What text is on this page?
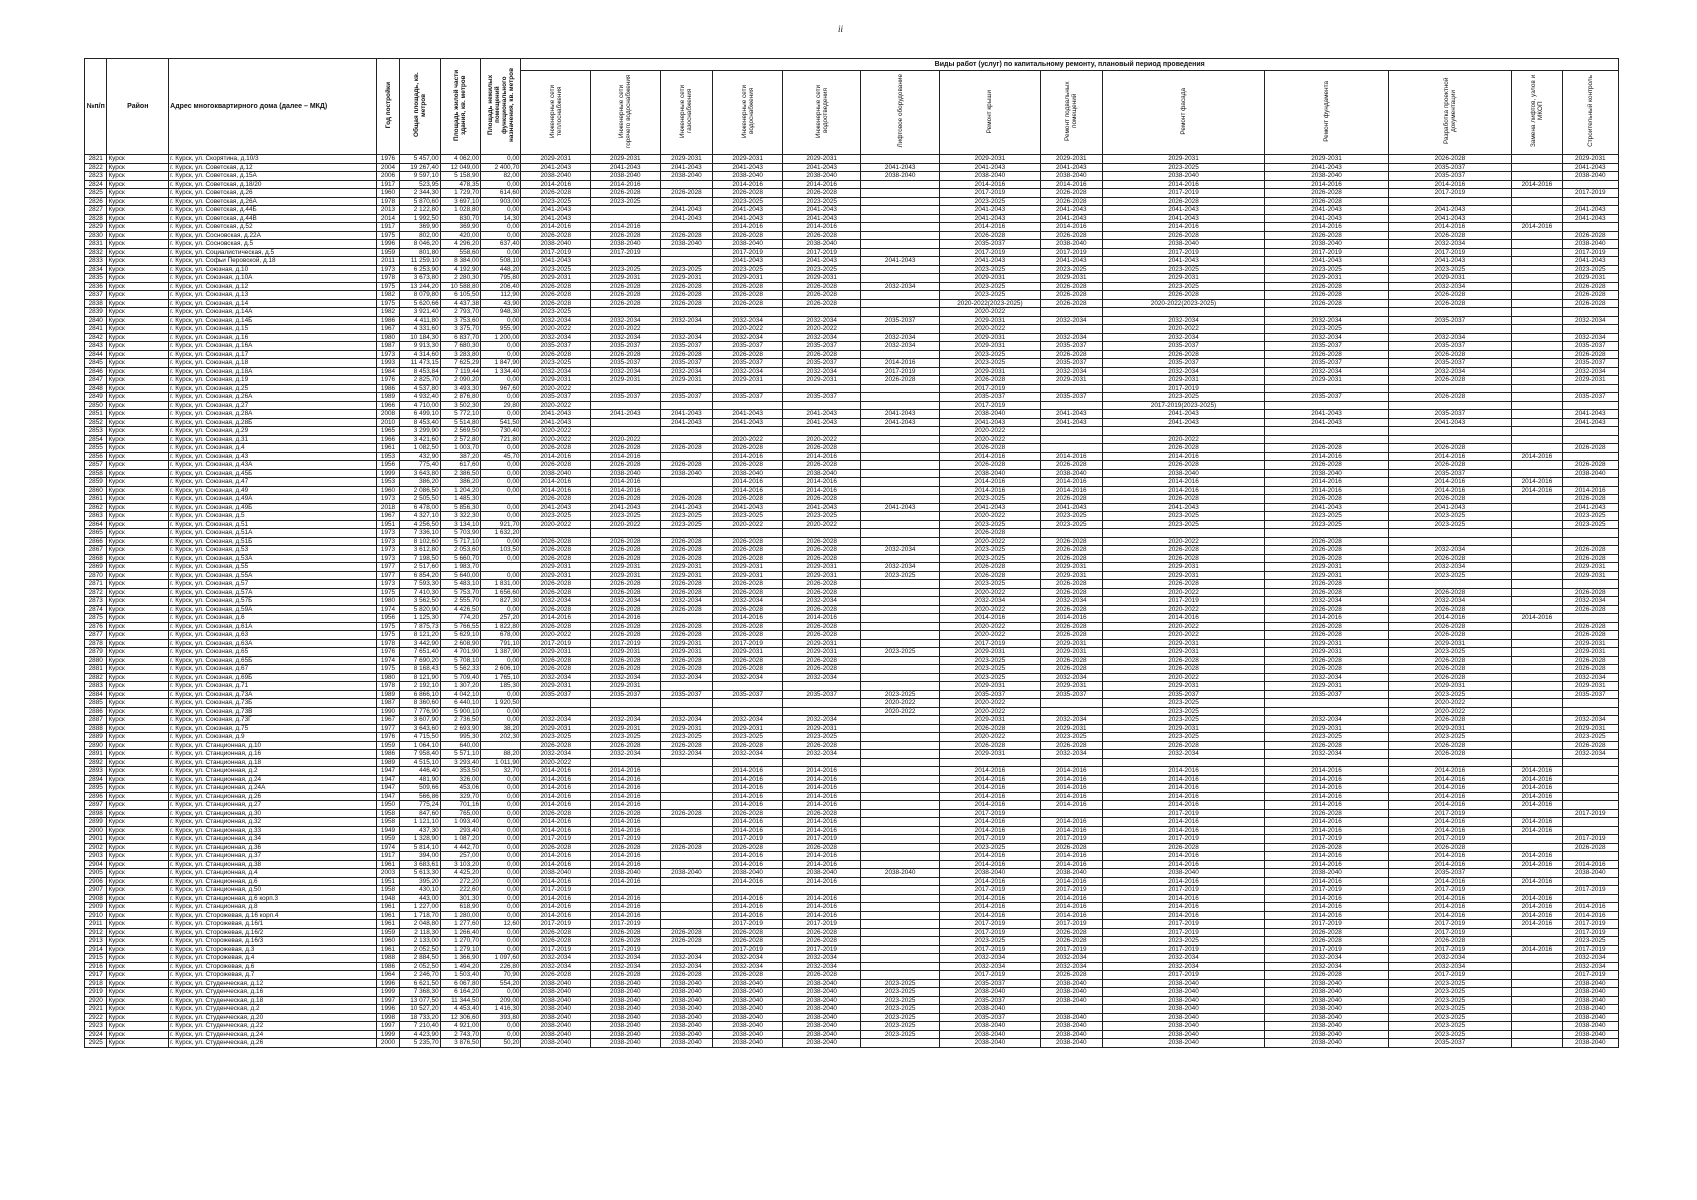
ii
№п/п	Район	Адрес многоквартирного дома (далее – МКД)	Год постройки	Общая площадь, кв. метров	Площадь жилой части здания, кв. метров	Площадь нежилых помещений функционального назначения, кв. метров	Виды работ (услуг) по капитальному ремонту, плановый период проведения												
							Инженерные сети теплоснабжения	Инженерные сети горячего водоснабжения	Инженерные сети газоснабжения	Инженерные сети водоснабжения	Инженерные сети водоотведения	Лифтовое оборудование	Ремонт крыши	Ремонт подвальных помещений	Ремонт фасада	Ремонт фундамента	Разработка проектной документации	Замена лифтов, узлов и МКОП	Строительный контроль
2821	Курск	г. Курск, ул. Скорятина, д.10/3	1976	5 457,00	4 062,00	0,00	2029-2031	2029-2031	2029-2031	2029-2031	2029-2031		2029-2031	2029-2031	2029-2031	2029-2031	2026-2028		2029-2031
2822	Курск	г. Курск, ул. Советская, д.12	2004	19 267,40	12 049,00	2 400,70	2041-2043	2041-2043	2041-2043	2041-2043	2041-2043	2041-2043	2041-2043	2041-2043	2023-2025	2041-2043	2035-2037		2041-2043
2823	Курск	г. Курск, ул. Советская, д.15А	2006	9 597,10	5 158,90	82,00	2038-2040	2038-2040	2038-2040	2038-2040	2038-2040	2038-2040	2038-2040	2038-2040	2038-2040	2038-2040	2035-2037		2038-2040
2824	Курск	г. Курск, ул. Советская, д.18/20	1917	523,95	478,35	0,00	2014-2016	2014-2016		2014-2016	2014-2016		2014-2016	2014-2016	2014-2016	2014-2016	2014-2016	2014-2016	
2825	Курск	г. Курск, ул. Советская, д.26	1960	2 344,30	1 729,70	614,60	2026-2028	2026-2028	2026-2028	2026-2028	2026-2028		2017-2019	2026-2028	2017-2019	2026-2028	2017-2019		2017-2019
2826	Курск	г. Курск, ул. Советская, д.26А	1978	5 870,60	3 697,10	903,00	2023-2025	2023-2025		2023-2025	2023-2025		2023-2025	2026-2028	2026-2028	2026-2028			
2827	Курск	г. Курск, ул. Советская, д.44Б	2013	2 122,80	1 028,80	0,00	2041-2043		2041-2043	2041-2043	2041-2043		2041-2043	2041-2043	2041-2043	2041-2043	2041-2043		2041-2043
2828	Курск	г. Курск, ул. Советская, д.44В	2014	1 992,50	830,70	14,30	2041-2043		2041-2043	2041-2043	2041-2043		2041-2043	2041-2043	2041-2043	2041-2043	2041-2043		2041-2043
2829	Курск	г. Курск, ул. Советская, д.52	1917	369,90	369,90	0,00	2014-2016	2014-2016		2014-2016	2014-2016		2014-2016	2014-2016	2014-2016	2014-2016	2014-2016	2014-2016	
2830	Курск	г. Курск, ул. Сосновская, д.22А	1975	802,00	420,00	0,00	2026-2028	2026-2028	2026-2028	2026-2028	2026-2028		2026-2028	2026-2028	2026-2028	2026-2028	2026-2028		2026-2028
2831	Курск	г. Курск, ул. Сосновская, д.5	1996	8 046,20	4 296,20	637,40	2038-2040	2038-2040	2038-2040	2038-2040	2038-2040		2035-2037	2038-2040	2038-2040	2038-2040	2032-2034		2038-2040
2832	Курск	г. Курск, ул. Социалистическая, д.5	1959	801,80	558,60	0,00	2017-2019	2017-2019		2017-2019	2017-2019		2017-2019	2017-2019	2017-2019	2017-2019	2017-2019		2017-2019
2833	Курск	г. Курск, ул. Софьи Перовской, д.18	2011	11 259,10	8 384,00	508,10	2041-2043			2041-2043	2041-2043	2041-2043	2041-2043	2041-2043	2041-2043	2041-2043	2041-2043		2041-2043
2834	Курск	г. Курск, ул. Союзная, д.10	1973	6 253,90	4 192,90	448,20	2023-2025	2023-2025	2023-2025	2023-2025	2023-2025		2023-2025	2023-2025	2023-2025	2023-2025	2023-2025		2023-2025
2835	Курск	г. Курск, ул. Союзная, д.10А	1978	3 673,80	2 280,30	795,80	2029-2031	2029-2031	2029-2031	2029-2031	2029-2031		2029-2031	2029-2031	2029-2031	2029-2031	2029-2031		2029-2031
2836	Курск	г. Курск, ул. Союзная, д.12	1975	13 244,20	10 588,80	206,40	2026-2028	2026-2028	2026-2028	2026-2028	2026-2028	2032-2034	2023-2025	2026-2028	2023-2025	2026-2028	2032-2034		2026-2028
2837	Курск	г. Курск, ул. Союзная, д.13	1982	8 079,80	6 105,50	112,90	2026-2028	2026-2028	2026-2028	2026-2028	2026-2028		2023-2025	2026-2028	2026-2028	2026-2028	2026-2028		2026-2028
2838	Курск	г. Курск, ул. Союзная, д.14	1975	5 620,66	4 437,38	43,90	2026-2028	2026-2028	2026-2028	2026-2028	2026-2028		2020-2022(2023-2025)	2026-2028	2020-2022(2023-2025)	2026-2028	2026-2028		2026-2028
2839	Курск	г. Курск, ул. Союзная, д.14А	1982	3 921,40	2 793,70	948,30	2023-2025						2020-2022						
2840	Курск	г. Курск, ул. Союзная, д.14Б	1986	4 411,80	3 753,60	0,00	2032-2034	2032-2034	2032-2034	2032-2034	2032-2034	2035-2037	2029-2031	2032-2034	2032-2034	2032-2034	2035-2037		2032-2034
2841	Курск	г. Курск, ул. Союзная, д.15	1967	4 331,60	3 375,70	955,90	2020-2022	2020-2022		2020-2022	2020-2022		2020-2022		2020-2022	2023-2025			
2842	Курск	г. Курск, ул. Союзная, д.16	1980	10 184,30	6 837,70	1 200,00	2032-2034	2032-2034	2032-2034	2032-2034	2032-2034	2032-2034	2029-2031	2032-2034	2032-2034	2032-2034	2032-2034		2032-2034
2843	Курск	г. Курск, ул. Союзная, д.16А	1987	9 913,30	7 680,30	0,00	2035-2037	2035-2037	2035-2037	2035-2037	2035-2037	2032-2034	2029-2031	2035-2037	2035-2037	2035-2037	2035-2037		2035-2037
2844	Курск	г. Курск, ул. Союзная, д.17	1973	4 314,60	3 283,80	0,00	2026-2028	2026-2028	2026-2028	2026-2028	2026-2028		2023-2025	2026-2028	2026-2028	2026-2028	2026-2028		2026-2028
2845	Курск	г. Курск, ул. Союзная, д.18	1993	11 473,15	7 625,29	1 847,90	2023-2025	2035-2037	2035-2037	2035-2037	2035-2037	2014-2016	2023-2025	2035-2037	2035-2037	2035-2037	2035-2037		2035-2037
2846	Курск	г. Курск, ул. Союзная, д.18А	1984	8 453,84	7 119,44	1 334,40	2032-2034	2032-2034	2032-2034	2032-2034	2032-2034	2017-2019	2029-2031	2032-2034	2032-2034	2032-2034	2032-2034		2032-2034
2847	Курск	г. Курск, ул. Союзная, д.19	1976	2 825,70	2 090,20	0,00	2029-2031	2029-2031	2029-2031	2029-2031	2029-2031	2026-2028	2026-2028	2029-2031	2029-2031	2029-2031	2026-2028		2029-2031
2848	Курск	г. Курск, ул. Союзная, д.25	1986	4 537,80	3 493,30	967,60	2020-2022						2017-2019		2017-2019				
2849	Курск	г. Курск, ул. Союзная, д.26А	1989	4 932,40	2 876,80	0,00	2035-2037	2035-2037	2035-2037	2035-2037	2035-2037		2035-2037	2035-2037	2023-2025	2035-2037	2026-2028		2035-2037
2850	Курск	г. Курск, ул. Союзная, д.27	1966	4 710,00	3 502,30	29,80	2020-2022						2017-2019		2017-2019(2023-2025)				
2851	Курск	г. Курск, ул. Союзная, д.28А	2008	6 499,10	5 772,10	0,00	2041-2043	2041-2043	2041-2043	2041-2043	2041-2043	2041-2043	2038-2040	2041-2043	2041-2043	2041-2043	2035-2037		2041-2043
2852	Курск	г. Курск, ул. Союзная, д.28Б	2010	8 453,40	5 514,80	541,50	2041-2043		2041-2043	2041-2043	2041-2043	2041-2043	2041-2043	2041-2043	2041-2043	2041-2043	2041-2043		2041-2043
2853	Курск	г. Курск, ул. Союзная, д.29	1965	3 299,90	2 569,50	730,40	2020-2022						2020-2022						
2854	Курск	г. Курск, ул. Союзная, д.31	1966	3 421,60	2 572,80	721,80	2020-2022	2020-2022		2020-2022	2020-2022		2020-2022		2020-2022				
2855	Курск	г. Курск, ул. Союзная, д.4	1961	1 082,50	1 003,70	0,00	2026-2028	2026-2028	2026-2028	2026-2028	2026-2028		2026-2028		2026-2028	2026-2028	2026-2028		2026-2028
2856	Курск	г. Курск, ул. Союзная, д.43	1953	432,90	387,20	45,70	2014-2016	2014-2016		2014-2016	2014-2016		2014-2016	2014-2016	2014-2016	2014-2016	2014-2016	2014-2016	
2857	Курск	г. Курск, ул. Союзная, д.43А	1956	775,40	617,60	0,00	2026-2028	2026-2028	2026-2028	2026-2028	2026-2028		2026-2028	2026-2028	2026-2028	2026-2028	2026-2028		2026-2028
2858	Курск	г. Курск, ул. Союзная, д.45Б	1999	3 643,80	2 386,50	0,00	2038-2040	2038-2040	2038-2040	2038-2040	2038-2040		2038-2040	2038-2040	2038-2040	2038-2040	2035-2037		2038-2040
2859	Курск	г. Курск, ул. Союзная, д.47	1953	386,20	386,20	0,00	2014-2016	2014-2016		2014-2016	2014-2016		2014-2016	2014-2016	2014-2016	2014-2016	2014-2016	2014-2016	
2860	Курск	г. Курск, ул. Союзная, д.49	1960	2 086,50	1 204,20	0,00	2014-2016	2014-2016		2014-2016	2014-2016		2014-2016	2014-2016	2014-2016	2014-2016	2014-2016	2014-2016	2014-2016
2861	Курск	г. Курск, ул. Союзная, д.49А	1973	2 505,50	1 485,30		2026-2028	2026-2028	2026-2028	2026-2028	2026-2028		2023-2025	2026-2028	2026-2028	2026-2028	2026-2028		2026-2028
2862	Курск	г. Курск, ул. Союзная, д.49Б	2018	6 478,00	5 856,30	0,00	2041-2043	2041-2043	2041-2043	2041-2043	2041-2043	2041-2043	2041-2043	2041-2043	2041-2043	2041-2043	2041-2043		2041-2043
2863	Курск	г. Курск, ул. Союзная, д.5	1967	4 327,10	3 322,30	0,00	2023-2025	2023-2025	2023-2025	2023-2025	2023-2025		2020-2022	2023-2025	2023-2025	2023-2025	2023-2025		2023-2025
2864	Курск	г. Курск, ул. Союзная, д.51	1951	4 256,50	3 134,10	921,70	2020-2022	2020-2022	2023-2025	2020-2022	2020-2022		2023-2025	2023-2025	2023-2025	2023-2025	2023-2025		2023-2025
2865	Курск	г. Курск, ул. Союзная, д.51А	1973	7 336,10	5 703,90	1 632,20							2026-2028						
2866	Курск	г. Курск, ул. Союзная, д.51Б	1973	8 102,60	5 717,10	0,00	2026-2028	2026-2028	2026-2028	2026-2028	2026-2028		2020-2022	2026-2028	2020-2022	2026-2028			
2867	Курск	г. Курск, ул. Союзная, д.53	1973	3 612,80	2 053,60	103,50	2026-2028	2026-2028	2026-2028	2026-2028	2026-2028	2032-2034	2023-2025	2026-2028	2026-2028	2026-2028	2032-2034		2026-2028
2868	Курск	г. Курск, ул. Союзная, д.53А	1973	7 198,50	5 660,70	0,00	2026-2028	2026-2028	2026-2028	2026-2028	2026-2028		2023-2025	2026-2028	2026-2028	2026-2028	2026-2028		2026-2028
2869	Курск	г. Курск, ул. Союзная, д.55	1977	2 517,60	1 983,70		2029-2031	2029-2031	2029-2031	2029-2031	2029-2031	2032-2034	2026-2028	2029-2031	2029-2031	2029-2031	2032-2034		2029-2031
2870	Курск	г. Курск, ул. Союзная, д.55А	1977	6 854,20	5 640,00	0,00	2029-2031	2029-2031	2029-2031	2029-2031	2029-2031	2023-2025	2026-2028	2029-2031	2029-2031	2029-2031	2023-2025		2029-2031
2871	Курск	г. Курск, ул. Союзная, д.57	1973	7 593,30	5 483,10	1 831,00	2026-2028	2026-2028	2026-2028	2026-2028	2026-2028		2023-2025	2026-2028	2026-2028	2026-2028			
2872	Курск	г. Курск, ул. Союзная, д.57А	1975	7 410,30	5 753,70	1 656,60	2026-2028	2026-2028	2026-2028	2026-2028	2026-2028		2020-2022	2026-2028	2020-2022	2026-2028	2026-2028		2026-2028
2873	Курск	г. Курск, ул. Союзная, д.57Б	1980	3 562,50	2 555,70	827,30	2032-2034	2032-2034	2032-2034	2032-2034	2032-2034		2032-2034	2032-2034	2017-2019	2032-2034	2032-2034		2032-2034
2874	Курск	г. Курск, ул. Союзная, д.59А	1974	5 820,90	4 426,50	0,00	2026-2028	2026-2028	2026-2028	2026-2028	2026-2028		2020-2022	2026-2028	2020-2022	2026-2028	2026-2028		2026-2028
2875	Курск	г. Курск, ул. Союзная, д.6	1956	1 125,30	774,20	257,20	2014-2016	2014-2016		2014-2016	2014-2016		2014-2016	2014-2016	2014-2016	2014-2016	2014-2016	2014-2016	
2876	Курск	г. Курск, ул. Союзная, д.61А	1975	7 875,73	5 766,55	1 822,80	2026-2028	2026-2028	2026-2028	2026-2028	2026-2028		2020-2022	2026-2028	2020-2022	2026-2028	2026-2028		2026-2028
2877	Курск	г. Курск, ул. Союзная, д.63	1975	8 121,20	5 629,10	678,00	2020-2022	2026-2028	2026-2028	2026-2028	2026-2028		2020-2022	2026-2028	2020-2022	2026-2028	2026-2028		2026-2028
2878	Курск	г. Курск, ул. Союзная, д.63А	1978	3 442,90	2 608,90	791,10	2017-2019	2017-2019	2029-2031	2017-2019	2029-2031		2017-2019	2029-2031	2029-2031	2029-2031	2029-2031		2029-2031
2879	Курск	г. Курск, ул. Союзная, д.65	1976	7 651,40	4 701,90	1 387,90	2029-2031	2029-2031	2029-2031	2029-2031	2029-2031	2023-2025	2029-2031	2029-2031	2029-2031	2029-2031	2023-2025		2029-2031
2880	Курск	г. Курск, ул. Союзная, д.65Б	1974	7 690,20	5 708,10	0,00	2026-2028	2026-2028	2026-2028	2026-2028	2026-2028		2023-2025	2026-2028	2026-2028	2026-2028	2026-2028		2026-2028
2881	Курск	г. Курск, ул. Союзная, д.67	1975	8 168,43	5 562,33	2 606,10	2026-2028	2026-2028	2026-2028	2026-2028	2026-2028		2023-2025	2026-2028	2026-2028	2026-2028	2026-2028		2026-2028
2882	Курск	г. Курск, ул. Союзная, д.69Б	1980	8 121,90	5 709,40	1 765,10	2032-2034	2032-2034	2032-2034	2032-2034	2032-2034		2023-2025	2032-2034	2020-2022	2032-2034	2026-2028		2032-2034
2883	Курск	г. Курск, ул. Союзная, д.71	1978	2 192,10	1 307,20	185,30	2029-2031	2029-2031					2029-2031	2029-2031	2029-2031	2029-2031	2029-2031		2029-2031
2884	Курск	г. Курск, ул. Союзная, д.73А	1989	6 866,10	4 042,10	0,00	2035-2037	2035-2037	2035-2037	2035-2037	2035-2037	2023-2025	2035-2037	2035-2037	2035-2037	2035-2037	2023-2025		2035-2037
2885	Курск	г. Курск, ул. Союзная, д.73Б	1987	8 360,60	6 440,10	1 920,50						2020-2022	2020-2022		2023-2025		2020-2022		
2886	Курск	г. Курск, ул. Союзная, д.73В	1990	7 776,90	5 900,10	0,00						2020-2022	2020-2022		2023-2025		2020-2022		
2887	Курск	г. Курск, ул. Союзная, д.73Г	1967	3 607,90	2 736,50	0,00	2032-2034	2032-2034	2032-2034	2032-2034	2032-2034		2029-2031	2032-2034	2023-2025	2032-2034	2026-2028		2032-2034
2888	Курск	г. Курск, ул. Союзная, д.75	1977	3 643,60	2 693,90	38,20	2029-2031	2029-2031	2029-2031	2029-2031	2029-2031		2026-2028	2029-2031	2029-2031	2029-2031	2029-2031		2029-2031
2889	Курск	г. Курск, ул. Союзная, д.9	1976	4 715,50	995,30	202,30	2023-2025	2023-2025	2023-2025	2023-2025	2023-2025		2020-2022	2023-2025	2023-2025	2023-2025	2023-2025		2023-2025
2890	Курск	г. Курск, ул. Станционная, д.10	1959	1 064,10	640,00		2026-2028	2026-2028	2026-2028	2026-2028	2026-2028		2026-2028	2026-2028	2026-2028	2026-2028	2026-2028		2026-2028
2891	Курск	г. Курск, ул. Станционная, д.16	1986	7 958,40	5 571,10	88,20	2032-2034	2032-2034	2032-2034	2032-2034	2032-2034		2029-2031	2032-2034	2032-2034	2032-2034	2026-2028		2032-2034
2892	Курск	г. Курск, ул. Станционная, д.18	1989	4 515,10	3 293,40	1 011,90	2020-2022												
2893	Курск	г. Курск, ул. Станционная, д.2	1947	446,40	353,50	32,70	2014-2016	2014-2016		2014-2016	2014-2016		2014-2016	2014-2016	2014-2016	2014-2016	2014-2016	2014-2016	
2894	Курск	г. Курск, ул. Станционная, д.24	1947	481,90	326,00	0,00	2014-2016	2014-2016		2014-2016	2014-2016		2014-2016	2014-2016	2014-2016	2014-2016	2014-2016	2014-2016	
2895	Курск	г. Курск, ул. Станционная, д.24А	1947	509,66	453,06	0,00	2014-2016	2014-2016		2014-2016	2014-2016		2014-2016	2014-2016	2014-2016	2014-2016	2014-2016	2014-2016	
2896	Курск	г. Курск, ул. Станционная, д.26	1947	566,86	329,70	0,00	2014-2016	2014-2016		2014-2016	2014-2016		2014-2016	2014-2016	2014-2016	2014-2016	2014-2016	2014-2016	
2897	Курск	г. Курск, ул. Станционная, д.27	1950	775,24	701,16	0,00	2014-2016	2014-2016		2014-2016	2014-2016		2014-2016	2014-2016	2014-2016	2014-2016	2014-2016	2014-2016	
2898	Курск	г. Курск, ул. Станционная, д.30	1958	847,60	765,00	0,00	2026-2028	2026-2028	2026-2028	2026-2028	2026-2028		2017-2019		2017-2019	2026-2028	2017-2019		2017-2019
2899	Курск	г. Курск, ул. Станционная, д.32	1958	1 121,10	1 093,40	0,00	2014-2016	2014-2016		2014-2016	2014-2016		2014-2016	2014-2016	2014-2016	2014-2016	2014-2016	2014-2016	
2900	Курск	г. Курск, ул. Станционная, д.33	1949	437,30	293,40	0,00	2014-2016	2014-2016		2014-2016	2014-2016		2014-2016	2014-2016	2014-2016	2014-2016	2014-2016	2014-2016	
2901	Курск	г. Курск, ул. Станционная, д.34	1959	1 328,90	1 087,20	0,00	2017-2019	2017-2019		2017-2019	2017-2019		2017-2019	2017-2019	2017-2019	2017-2019	2017-2019		2017-2019
2902	Курск	г. Курск, ул. Станционная, д.36	1974	5 814,10	4 442,70	0,00	2026-2028	2026-2028	2026-2028	2026-2028	2026-2028		2023-2025	2026-2028	2026-2028	2026-2028	2026-2028		2026-2028
2903	Курск	г. Курск, ул. Станционная, д.37	1917	394,00	257,00	0,00	2014-2016	2014-2016		2014-2016	2014-2016		2014-2016	2014-2016	2014-2016	2014-2016	2014-2016	2014-2016	
2904	Курск	г. Курск, ул. Станционная, д.38	1961	3 683,61	3 103,20	0,00	2014-2016	2014-2016		2014-2016	2014-2016		2014-2016	2014-2016	2014-2016	2014-2016	2014-2016	2014-2016	2014-2016
2905	Курск	г. Курск, ул. Станционная, д.4	2003	5 613,30	4 425,20	0,00	2038-2040	2038-2040	2038-2040	2038-2040	2038-2040	2038-2040	2038-2040	2038-2040	2038-2040	2038-2040	2035-2037		2038-2040
2906	Курск	г. Курск, ул. Станционная, д.6	1951	395,20	272,20	0,00	2014-2016	2014-2016		2014-2016	2014-2016		2014-2016	2014-2016	2014-2016	2014-2016	2014-2016	2014-2016	
2907	Курск	г. Курск, ул. Станционная, д.50	1958	430,10	222,60	0,00	2017-2019						2017-2019	2017-2019	2017-2019	2017-2019	2017-2019		2017-2019
2908	Курск	г. Курск, ул. Станционная, д.6 корп.3	1948	443,00	301,30	0,00	2014-2016	2014-2016		2014-2016	2014-2016		2014-2016	2014-2016	2014-2016	2014-2016	2014-2016	2014-2016	
2909	Курск	г. Курск, ул. Станционная, д.8	1961	1 227,00	618,90	0,00	2014-2016	2014-2016		2014-2016	2014-2016		2014-2016	2014-2016	2014-2016	2014-2016	2014-2016	2014-2016	2014-2016
2910	Курск	г. Курск, ул. Сторожевая, д.16 корп.4	1961	1 718,70	1 280,00	0,00	2014-2016	2014-2016		2014-2016	2014-2016		2014-2016	2014-2016	2014-2016	2014-2016	2014-2016	2014-2016	2014-2016
2911	Курск	г. Курск, ул. Сторожевая, д.16/1	1961	2 048,80	1 277,60	12,60	2017-2019	2017-2019		2017-2019	2017-2019		2017-2019	2017-2019	2017-2019	2017-2019	2017-2019	2014-2016	2017-2019
2912	Курск	г. Курск, ул. Сторожевая, д.16/2	1959	2 118,30	1 266,40	0,00	2026-2028	2026-2028	2026-2028	2026-2028	2026-2028		2017-2019	2026-2028	2017-2019	2026-2028	2017-2019		2017-2019
2913	Курск	г. Курск, ул. Сторожевая, д.16/3	1960	2 133,00	1 270,70	0,00	2026-2028	2026-2028	2026-2028	2026-2028	2026-2028		2023-2025	2026-2028	2023-2025	2026-2028	2026-2028		2023-2025
2914	Курск	г. Курск, ул. Сторожевая, д.3	1961	2 052,50	1 279,10	0,00	2017-2019	2017-2019		2017-2019	2017-2019		2017-2019	2017-2019	2017-2019	2017-2019	2017-2019	2014-2016	2017-2019
2915	Курск	г. Курск, ул. Сторожевая, д.4	1988	2 884,50	1 366,90	1 097,60	2032-2034	2032-2034	2032-2034	2032-2034	2032-2034		2032-2034	2032-2034	2032-2034	2032-2034	2032-2034		2032-2034
2916	Курск	г. Курск, ул. Сторожевая, д.6	1986	2 052,50	1 494,20	226,80	2032-2034	2032-2034	2032-2034	2032-2034	2032-2034		2032-2034	2032-2034	2032-2034	2032-2034	2032-2034		2032-2034
2917	Курск	г. Курск, ул. Сторожевая, д.7	1964	2 246,70	1 503,40	70,90	2026-2028	2026-2028	2026-2028	2026-2028	2026-2028		2017-2019	2026-2028	2017-2019	2026-2028	2017-2019		2017-2019
2918	Курск	г. Курск, ул. Студенческая, д.12	1996	6 621,50	6 067,80	554,20	2038-2040	2038-2040	2038-2040	2038-2040	2038-2040	2023-2025	2035-2037	2038-2040	2038-2040	2038-2040	2023-2025		2038-2040
2919	Курск	г. Курск, ул. Студенческая, д.16	1999	7 368,30	6 164,20	0,00	2038-2040	2038-2040	2038-2040	2038-2040	2038-2040	2023-2025	2038-2040	2038-2040	2038-2040	2038-2040	2023-2025		2038-2040
2920	Курск	г. Курск, ул. Студенческая, д.18	1997	13 077,50	11 344,50	209,00	2038-2040	2038-2040	2038-2040	2038-2040	2038-2040	2023-2025	2035-2037	2038-2040	2038-2040	2038-2040	2023-2025		2038-2040
2921	Курск	г. Курск, ул. Студенческая, д.2	1996	10 527,20	4 453,40	1 416,30	2038-2040	2038-2040	2038-2040	2038-2040	2038-2040	2023-2025	2038-2040		2038-2040	2038-2040	2023-2025		2038-2040
2922	Курск	г. Курск, ул. Студенческая, д.20	1998	18 733,20	12 306,60	393,80	2038-2040	2038-2040	2038-2040	2038-2040	2038-2040	2023-2025	2035-2037	2038-2040	2038-2040	2038-2040	2023-2025		2038-2040
2923	Курск	г. Курск, ул. Студенческая, д.22	1997	7 210,40	4 921,00	0,00	2038-2040	2038-2040	2038-2040	2038-2040	2038-2040	2023-2025	2038-2040	2038-2040	2038-2040	2038-2040	2023-2025		2038-2040
2924	Курск	г. Курск, ул. Студенческая, д.24	1999	4 423,90	2 743,70	0,00	2038-2040	2038-2040	2038-2040	2038-2040	2038-2040	2023-2025	2038-2040	2038-2040	2038-2040	2038-2040	2023-2025		2038-2040
2925	Курск	г. Курск, ул. Студенческая, д.26	2000	5 235,70	3 876,50	50,20	2038-2040	2038-2040	2038-2040	2038-2040	2038-2040		2038-2040	2038-2040	2038-2040	2038-2040	2035-2037		2038-2040
